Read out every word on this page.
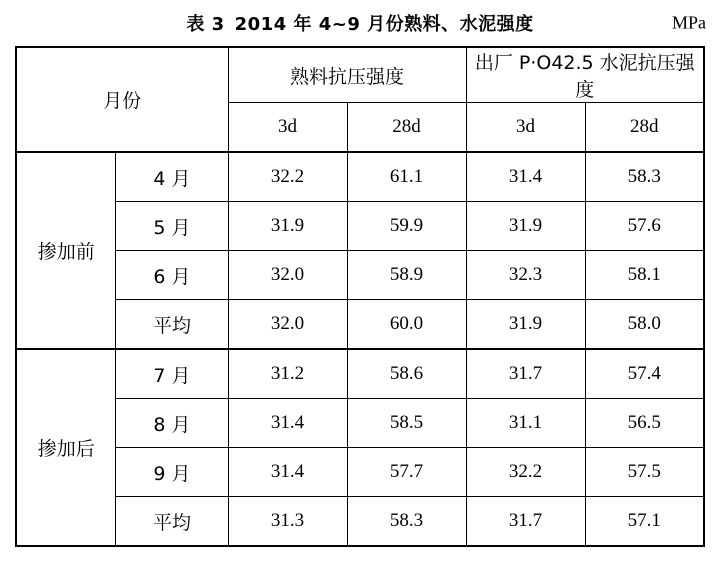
表 3 2014 年 4~9 月份熟料、水泥强度	MPa
月份		熟料抗压强度		出厂 P·O42.5 水泥抗压强度	
		3d	28d	3d	28d
掺加前	4 月	32.2	61.1	31.4	58.3
	5 月	31.9	59.9	31.9	57.6
	6 月	32.0	58.9	32.3	58.1
	平均	32.0	60.0	31.9	58.0
掺加后	7 月	31.2	58.6	31.7	57.4
	8 月	31.4	58.5	31.1	56.5
	9 月	31.4	57.7	32.2	57.5
	平均	31.3	58.3	31.7	57.1
